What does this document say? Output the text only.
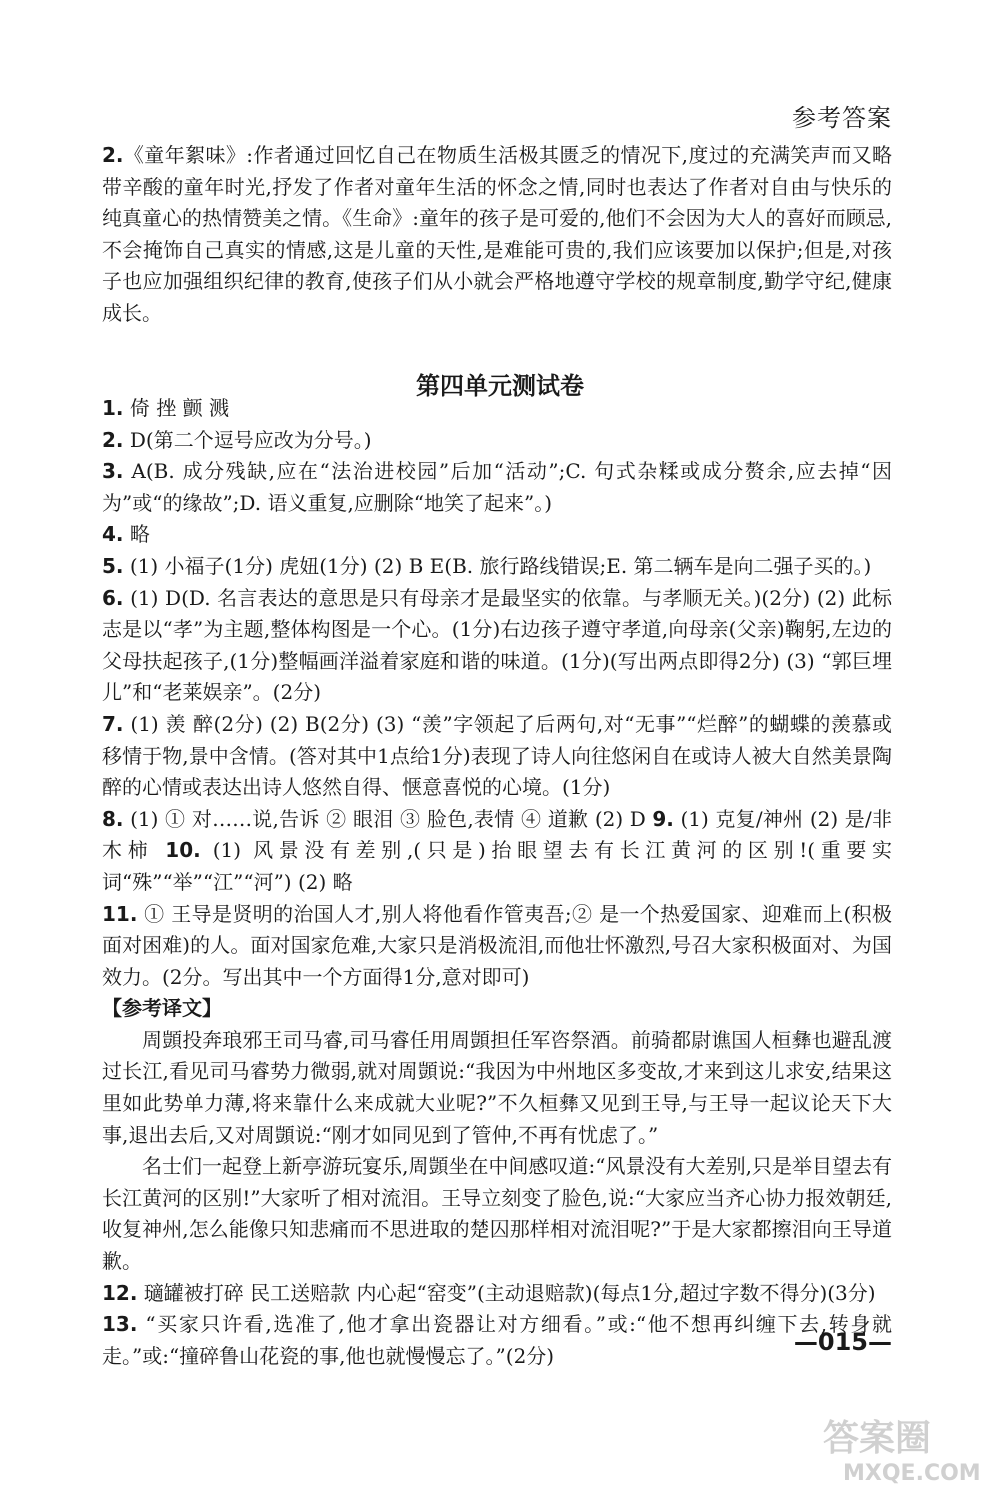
参考答案

2.《童年絮味》:作者通过回忆自己在物质生活极其匮乏的情况下,度过的充满笑声而又略带辛酸的童年时光,抒发了作者对童年生活的怀念之情,同时也表达了作者对自由与快乐的纯真童心的热情赞美之情。《生命》:童年的孩子是可爱的,他们不会因为大人的喜好而顾忌,不会掩饰自己真实的情感,这是儿童的天性,是难能可贵的,我们应该要加以保护;但是,对孩子也应加强组织纪律的教育,使孩子们从小就会严格地遵守学校的规章制度,勤学守纪,健康成长。

第四单元测试卷

1. 倚 挫 颤 溅

2. D(第二个逗号应改为分号。)

3. A(B. 成分残缺,应在“法治进校园”后加“活动”;C. 句式杂糅或成分赘余,应去掉“因为”或“的缘故”;D. 语义重复,应删除“地笑了起来”。)

4. 略

5. (1) 小福子(1分) 虎妞(1分) (2) B E(B. 旅行路线错误;E. 第二辆车是向二强子买的。)

6. (1) D(D. 名言表达的意思是只有母亲才是最坚实的依靠。与孝顺无关。)(2分) (2) 此标志是以“孝”为主题,整体构图是一个心。(1分)右边孩子遵守孝道,向母亲(父亲)鞠躬,左边的父母扶起孩子,(1分)整幅画洋溢着家庭和谐的味道。(1分)(写出两点即得2分) (3) “郭巨埋儿”和“老莱娱亲”。(2分)

7. (1) 羡 醉(2分) (2) B(2分) (3) “羡”字领起了后两句,对“无事”“烂醉”的蝴蝶的羡慕或移情于物,景中含情。(答对其中1点给1分)表现了诗人向往悠闲自在或诗人被大自然美景陶醉的心情或表达出诗人悠然自得、惬意喜悦的心境。(1分)

8. (1) ① 对……说,告诉 ② 眼泪 ③ 脸色,表情 ④ 道歉 (2) D 9. (1) 克复/神州 (2) 是/非木柿 10. (1) 风景没有差别,(只是)抬眼望去有长江黄河的区别!(重要实词“殊”“举”“江”“河”) (2) 略

11. ① 王导是贤明的治国人才,别人将他看作管夷吾;② 是一个热爱国家、迎难而上(积极面对困难)的人。面对国家危难,大家只是消极流泪,而他壮怀激烈,号召大家积极面对、为国效力。(2分。写出其中一个方面得1分,意对即可)

【参考译文】

周顗投奔琅邪王司马睿,司马睿任用周顗担任军咨祭酒。前骑都尉谯国人桓彝也避乱渡过长江,看见司马睿势力微弱,就对周顗说:“我因为中州地区多变故,才来到这儿求安,结果这里如此势单力薄,将来靠什么来成就大业呢?”不久桓彝又见到王导,与王导一起议论天下大事,退出去后,又对周顗说:“刚才如同见到了管仲,不再有忧虑了。”

名士们一起登上新亭游玩宴乐,周顗坐在中间感叹道:“风景没有大差别,只是举目望去有长江黄河的区别!”大家听了相对流泪。王导立刻变了脸色,说:“大家应当齐心协力报效朝廷,收复神州,怎么能像只知悲痛而不思进取的楚囚那样相对流泪呢?”于是大家都擦泪向王导道歉。

12. 瓋罐被打碎 民工送赔款 内心起“窑变”(主动退赔款)(每点1分,超过字数不得分)(3分)

13. “买家只许看,选准了,他才拿出瓷器让对方细看。”或:“他不想再纠缠下去,转身就走。”或:“撞碎鲁山花瓷的事,他也就慢慢忘了。”(2分)	—015—
答案圈
MXQE.COM
